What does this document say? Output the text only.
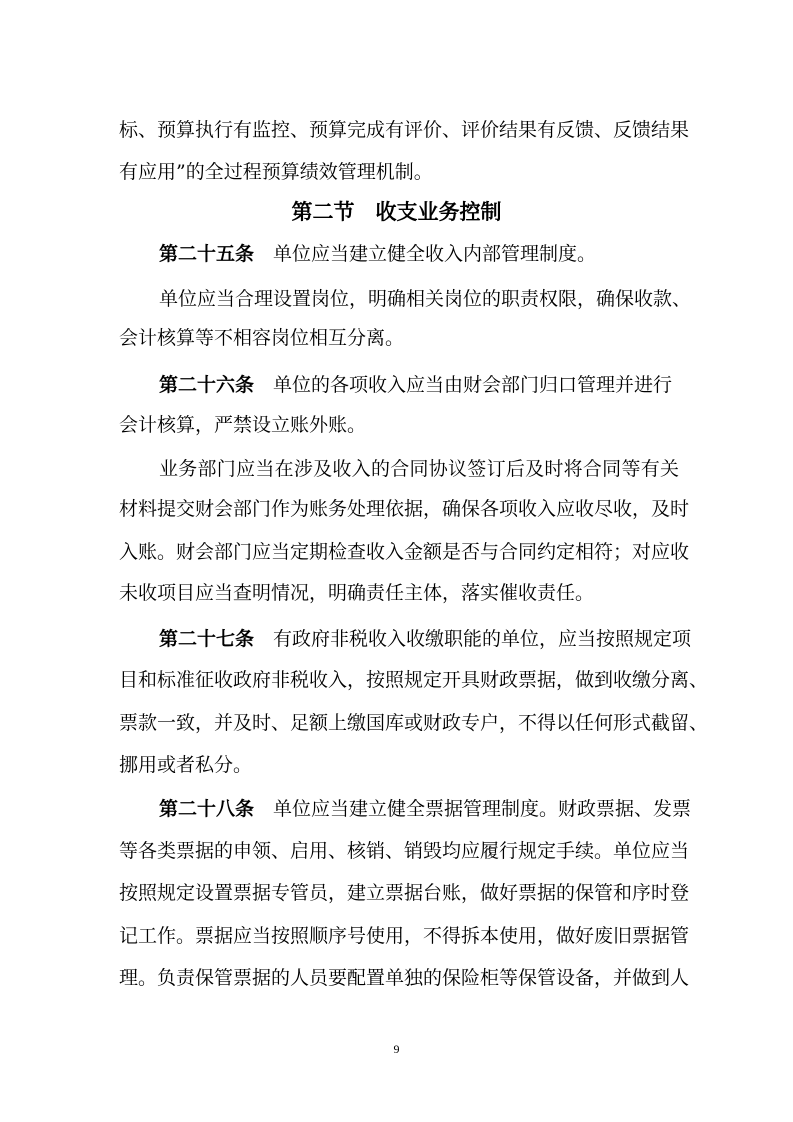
标、预算执行有监控、预算完成有评价、评价结果有反馈、反馈结果
有应用”的全过程预算绩效管理机制。
第二节　收支业务控制
第二十五条 单位应当建立健全收入内部管理制度。
单位应当合理设置岗位，明确相关岗位的职责权限，确保收款、
会计核算等不相容岗位相互分离。
第二十六条 单位的各项收入应当由财会部门归口管理并进行
会计核算，严禁设立账外账。
业务部门应当在涉及收入的合同协议签订后及时将合同等有关
材料提交财会部门作为账务处理依据，确保各项收入应收尽收，及时
入账。财会部门应当定期检查收入金额是否与合同约定相符；对应收
未收项目应当查明情况，明确责任主体，落实催收责任。
第二十七条 有政府非税收入收缴职能的单位，应当按照规定项
目和标准征收政府非税收入，按照规定开具财政票据，做到收缴分离、
票款一致，并及时、足额上缴国库或财政专户，不得以任何形式截留、
挪用或者私分。
第二十八条 单位应当建立健全票据管理制度。财政票据、发票
等各类票据的申领、启用、核销、销毁均应履行规定手续。单位应当
按照规定设置票据专管员，建立票据台账，做好票据的保管和序时登
记工作。票据应当按照顺序号使用，不得拆本使用，做好废旧票据管
理。负责保管票据的人员要配置单独的保险柜等保管设备，并做到人
9
